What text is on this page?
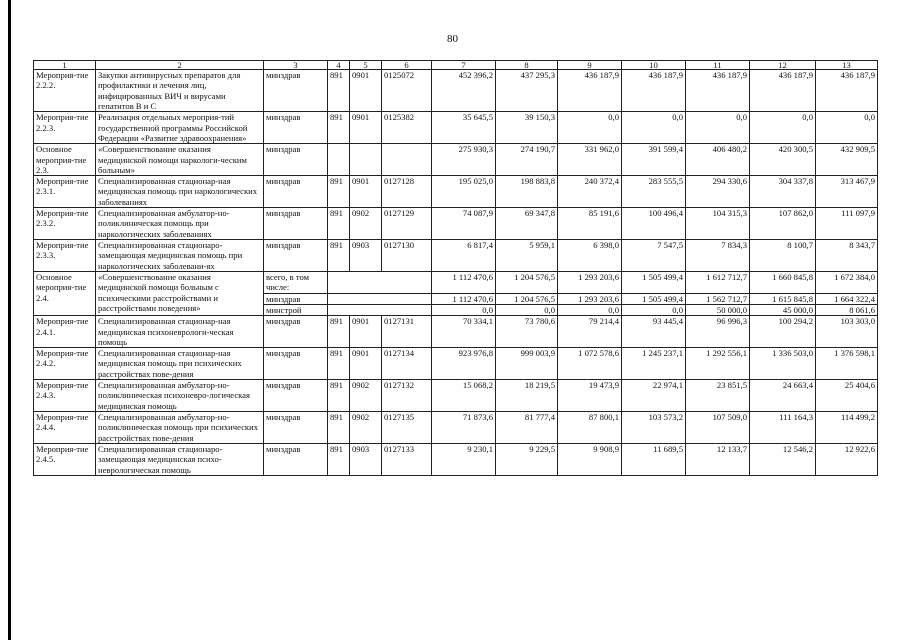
80
1	2	3	4	5	6	7	8	9	10	11	12	13
Мероприя-тие 2.2.2.	Закупки антивирусных препаратов для профилактики и лечения лиц, инфицированных ВИЧ и вирусами гепатитов В и С	минздрав	891	0901	0125072	452 396,2	437 295,3	436 187,9	436 187,9	436 187,9	436 187,9	436 187,9
Мероприя-тие 2.2.3.	Реализация отдельных мероприя-тий государственной программы Российской Федерации «Развитие здравоохранения»	минздрав	891	0901	0125382	35 645,5	39 150,3	0,0	0,0	0,0	0,0	0,0
Основное мероприя-тие 2.3.	«Совершенствование оказания медицинской помощи наркологи-ческим больным»	минздрав				275 930,3	274 190,7	331 962,0	391 599,4	406 480,2	420 300,5	432 909,5
Мероприя-тие 2.3.1.	Специализированная стационар-ная медицинская помощь при наркологических заболеваниях	минздрав	891	0901	0127128	195 025,0	198 883,8	240 372,4	283 555,5	294 330,6	304 337,8	313 467,9
Мероприя-тие 2.3.2.	Специализированная амбулатор-но-поликлиническая помощь при наркологических заболеваниях	минздрав	891	0902	0127129	74 087,9	69 347,8	85 191,6	100 496,4	104 315,3	107 862,0	111 097,9
Мероприя-тие 2.3.3.	Специализированная стационаро-замещающая медицинская помощь при наркологических заболевани-ях	минздрав	891	0903	0127130	6 817,4	5 959,1	6 398,0	7 547,5	7 834,3	8 100,7	8 343,7
Основное мероприя-тие 2.4.	«Совершенствование оказания медицинской помощи больным с психическими расстройствами и расстройствами поведения»	всего, в том числе:				1 112 470,6	1 204 576,5	1 293 203,6	1 505 499,4	1 612 712,7	1 660 845,8	1 672 384,0
		минздрав				1 112 470,6	1 204 576,5	1 293 203,6	1 505 499,4	1 562 712,7	1 615 845,8	1 664 322,4
		минстрой				0,0	0,0	0,0	0,0	50 000,0	45 000,0	8 061,6
Мероприя-тие 2.4.1.	Специализированная стационар-ная медицинская психоневрологи-ческая помощь	минздрав	891	0901	0127131	70 334,1	73 780,6	79 214,4	93 445,4	96 996,3	100 294,2	103 303,0
Мероприя-тие 2.4.2.	Специализированная стационар-ная медицинская помощь при психических расстройствах пове-дения	минздрав	891	0901	0127134	923 976,8	999 003,9	1 072 578,6	1 245 237,1	1 292 556,1	1 336 503,0	1 376 598,1
Мероприя-тие 2.4.3.	Специализированная амбулатор-но-поликлиническая психоневро-логическая медицинская помощь	минздрав	891	0902	0127132	15 068,2	18 219,5	19 473,9	22 974,1	23 851,5	24 663,4	25 404,6
Мероприя-тие 2.4.4.	Специализированная амбулатор-но-поликлиническая помощь при психических расстройствах пове-дения	минздрав	891	0902	0127135	71 873,6	81 777,4	87 800,1	103 573,2	107 509,0	111 164,3	114 499,2
Мероприя-тие 2.4.5.	Специализированная стационаро-замещающая медицинская психо-неврологическая помощь	минздрав	891	0903	0127133	9 230,1	9 229,5	9 908,9	11 689,5	12 133,7	12 546,2	12 922,6
